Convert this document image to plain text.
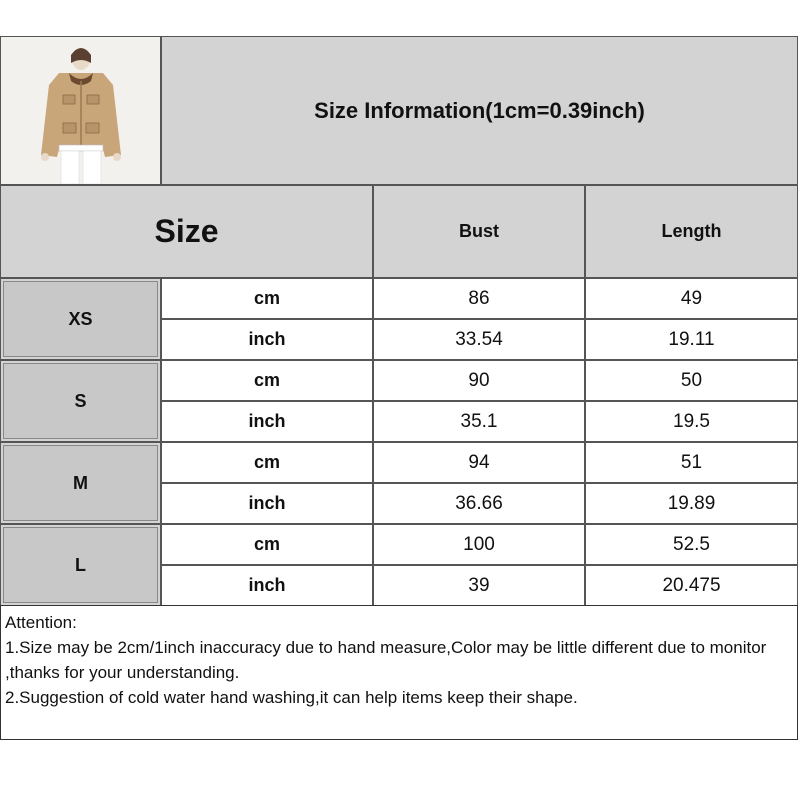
Size Information(1cm=0.39inch)
Size	Bust	Length
XS
cm	86	49
inch	33.54	19.11
S
cm	90	50
inch	35.1	19.5
M
cm	94	51
inch	36.66	19.89
L
cm	100	52.5
inch	39	20.475
Attention:
1.Size may be 2cm/1inch inaccuracy due to hand measure,Color may be little different due to monitor ,thanks for your understanding.
2.Suggestion of cold water hand washing,it can help items keep their shape.
